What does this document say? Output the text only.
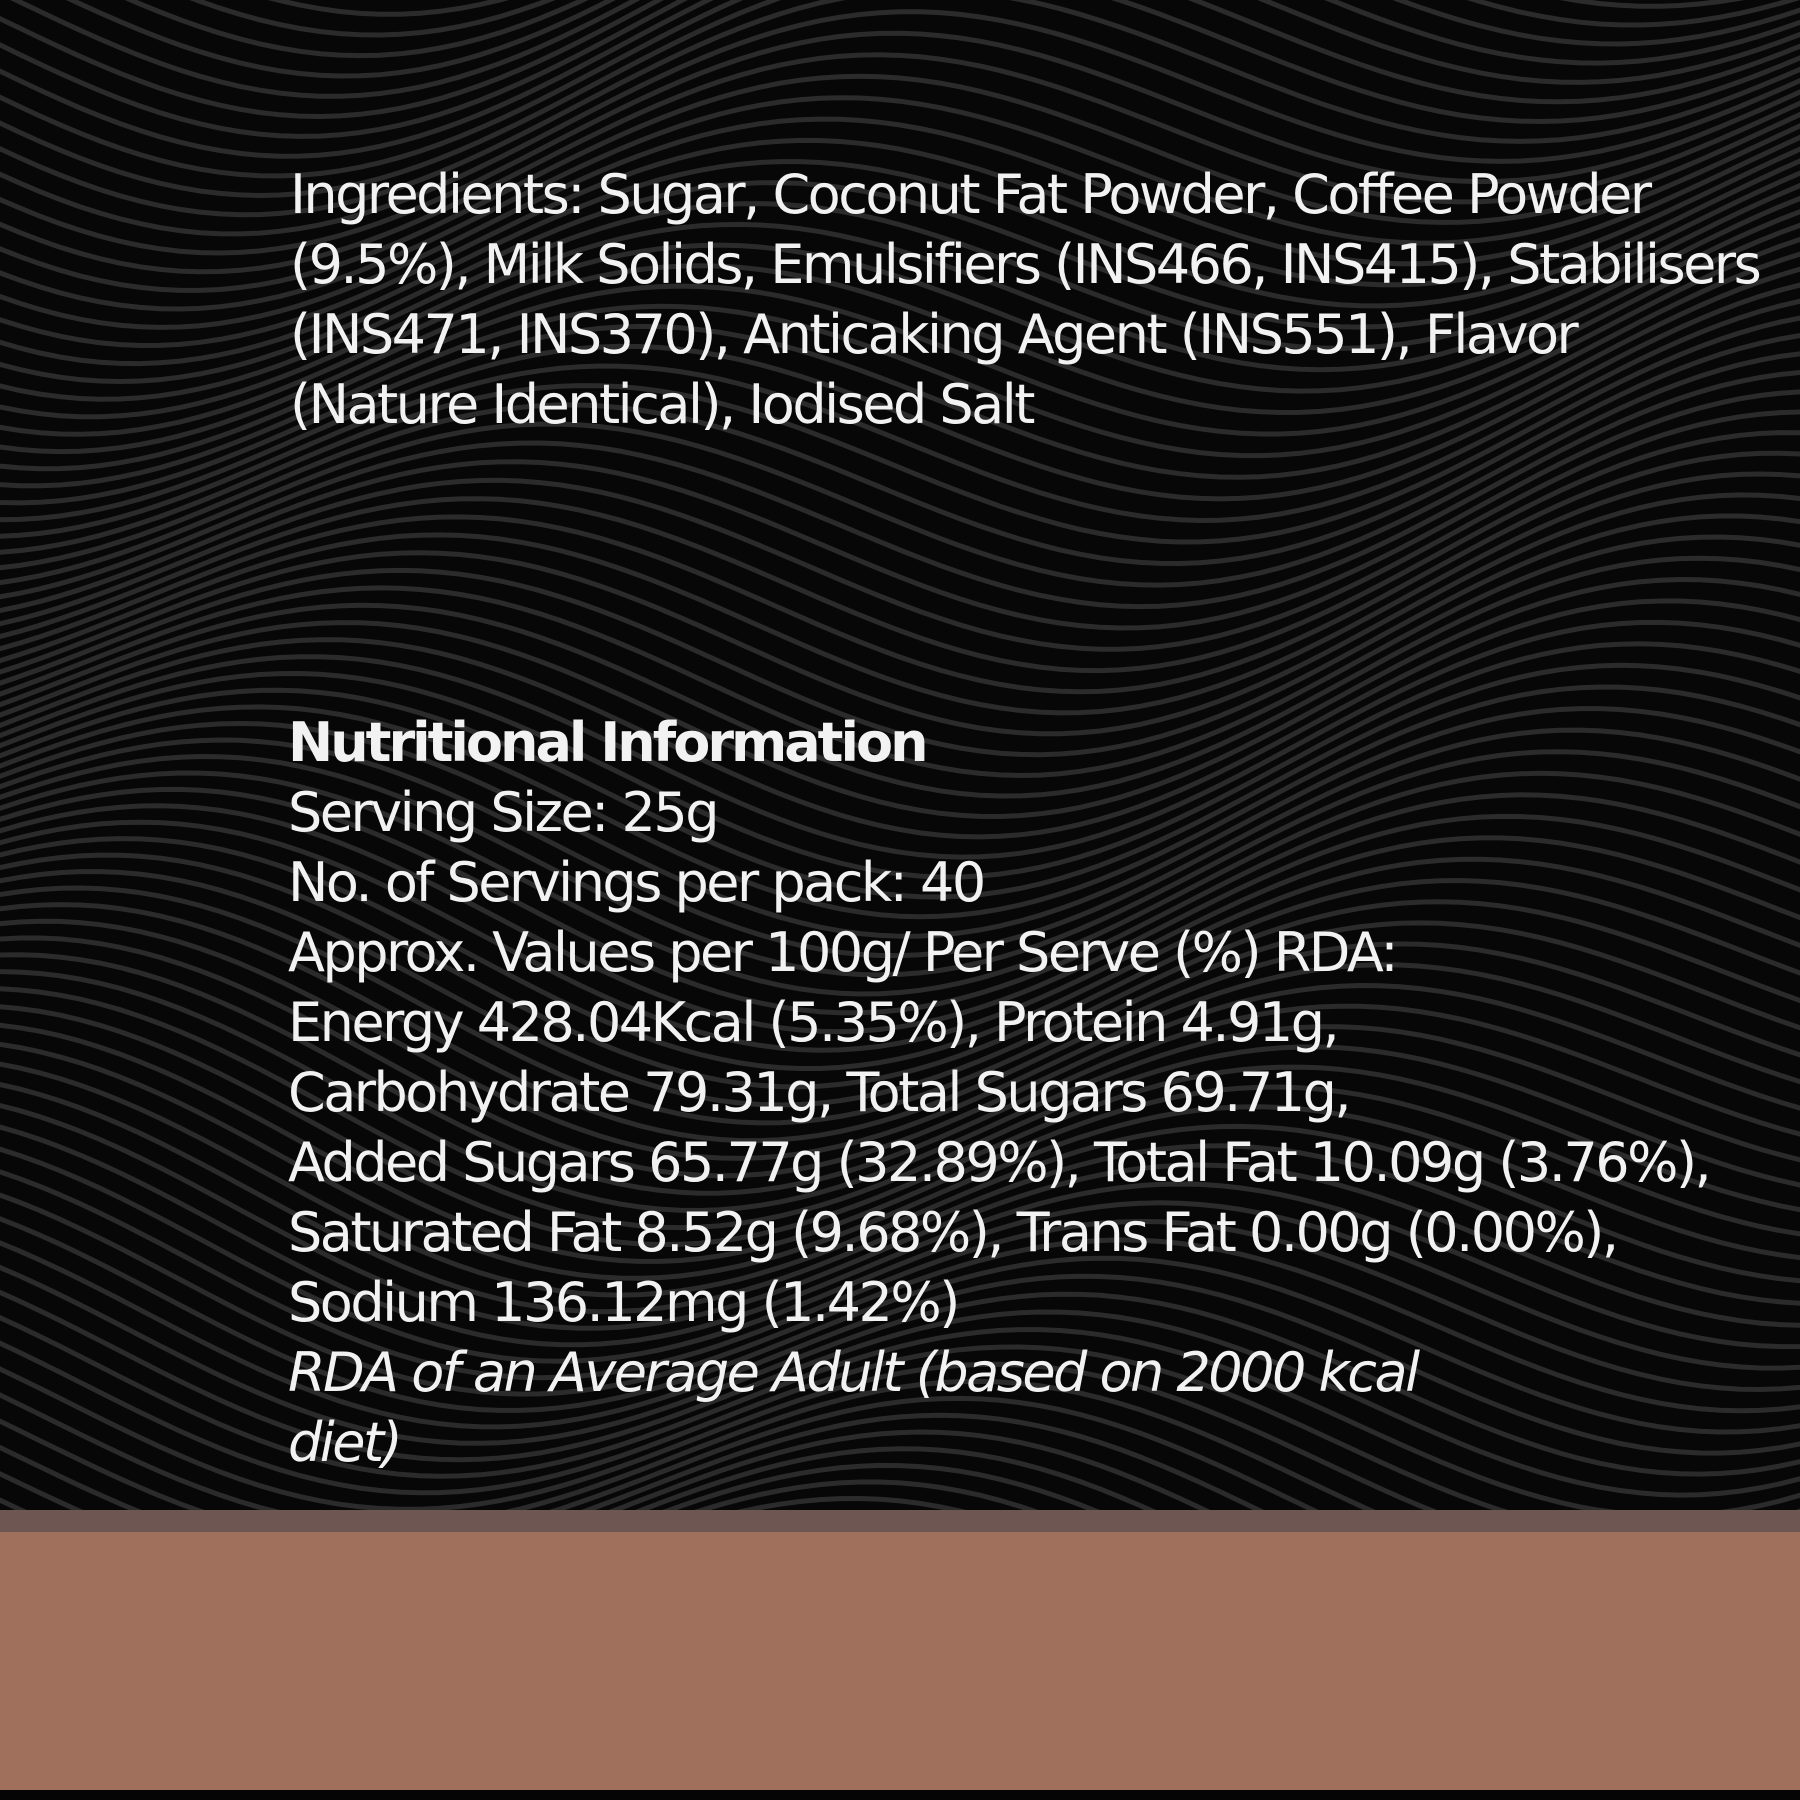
Ingredients: Sugar, Coconut Fat Powder, Coffee Powder
(9.5%), Milk Solids, Emulsifiers (INS466, INS415), Stabilisers
(INS471, INS370), Anticaking Agent (INS551), Flavor
(Nature Identical), Iodised Salt
Nutritional Information
Serving Size: 25g
No. of Servings per pack: 40
Approx. Values per 100g/ Per Serve (%) RDA:
Energy 428.04Kcal (5.35%), Protein 4.91g,
Carbohydrate 79.31g, Total Sugars 69.71g,
Added Sugars 65.77g (32.89%), Total Fat 10.09g (3.76%),
Saturated Fat 8.52g (9.68%), Trans Fat 0.00g (0.00%),
Sodium 136.12mg (1.42%)
RDA of an Average Adult (based on 2000 kcal
diet)
